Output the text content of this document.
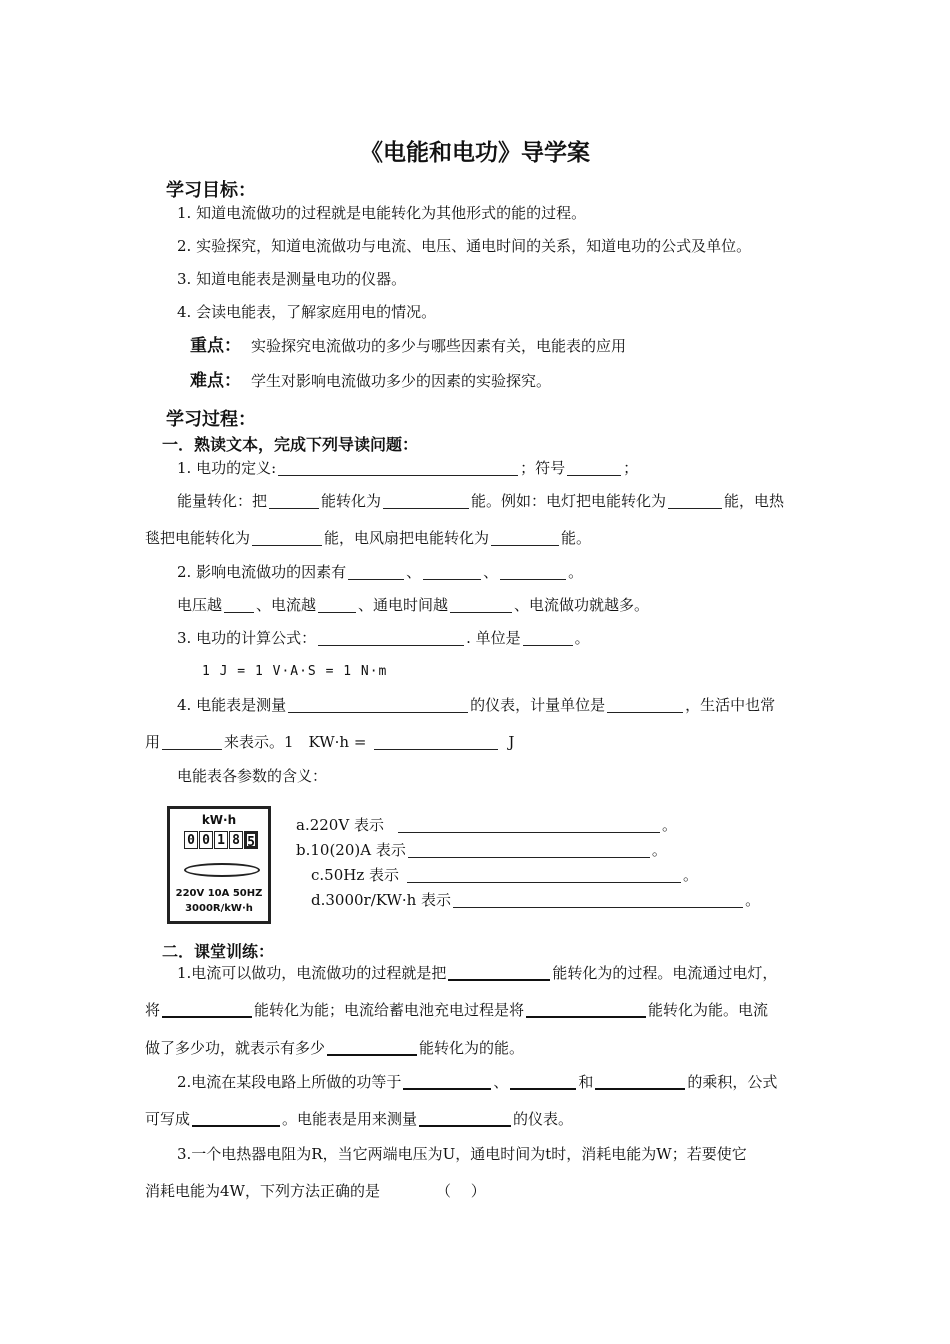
《电能和电功》导学案
学习目标：
1. 知道电流做功的过程就是电能转化为其他形式的能的过程。
2. 实验探究，知道电流做功与电流、电压、通电时间的关系，知道电功的公式及单位。
3. 知道电能表是测量电功的仪器。
4. 会读电能表，了解家庭用电的情况。
重点： 实验探究电流做功的多少与哪些因素有关，电能表的应用
难点： 学生对影响电流做功多少的因素的实验探究。
学习过程：
一．熟读文本，完成下列导读问题：
1. 电功的定义:	；符号	；
能量转化：把	能转化为	能。例如：电灯把电能转化为	能，电热
毯把电能转化为	能，电风扇把电能转化为	能。
2. 影响电流做功的因素有	、	、	。
电压越 、电流越	、通电时间越	、电流做功就越多。
3. 电功的计算公式：	. 单位是	。
1 J = 1 V·A·S = 1 N·m
4. 电能表是测量	的仪表，计量单位是	，生活中也常
用	来表示。1　KW·h =	J
电能表各参数的含义：
kW·h
0 0 1 8 5
220V 10A 50HZ
3000R/kW·h
a.220V 表示	。
b.10(20)A 表示	。
c.50Hz 表示	。
d.3000r/KW·h 表示	。
二．课堂训练：
1.电流可以做功，电流做功的过程就是把	能转化为的过程。电流通过电灯，
将	能转化为能；电流给蓄电池充电过程是将	能转化为能。电流
做了多少功，就表示有多少	能转化为的能。
2.电流在某段电路上所做的功等于	、	和	的乘积，公式
可写成	。电能表是用来测量	的仪表。
3.一个电热器电阻为R，当它两端电压为U，通电时间为t时，消耗电能为W；若要使它
消耗电能为4W，下列方法正确的是	（　 ）
